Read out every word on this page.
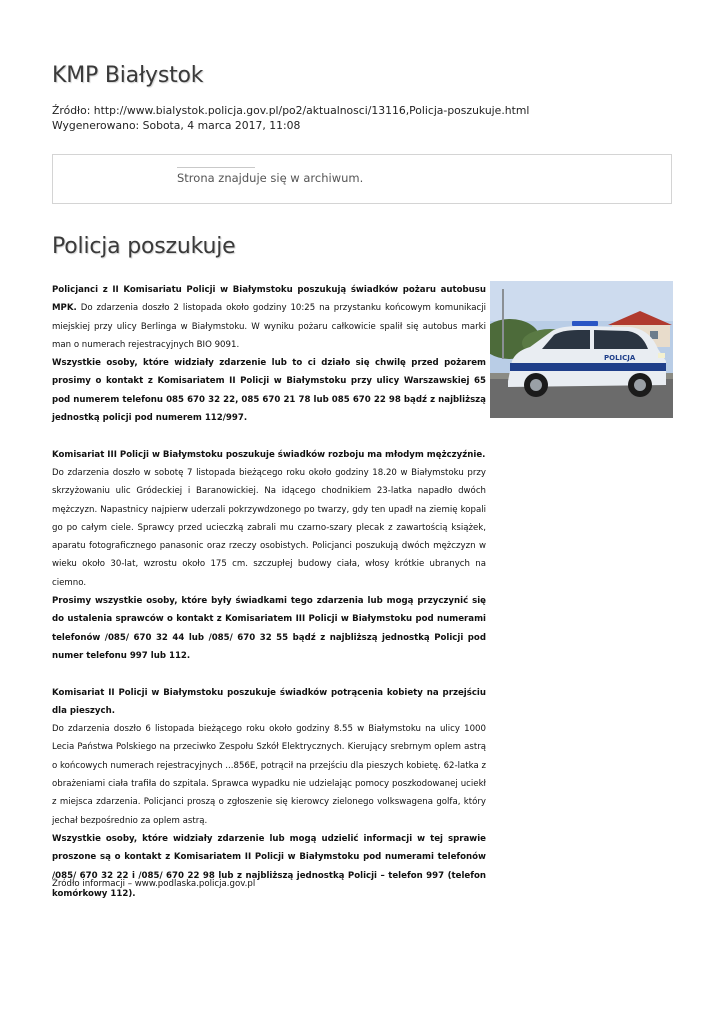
KMP Białystok
Źródło: http://www.bialystok.policja.gov.pl/po2/aktualnosci/13116,Policja-poszukuje.html
Wygenerowano: Sobota, 4 marca 2017, 11:08
Strona znajduje się w archiwum.
Policja poszukuje
POLICJA

Policjanci z II Komisariatu Policji w Białymstoku poszukują świadków pożaru autobusu MPK. Do zdarzenia doszło 2 listopada około godziny 10:25 na przystanku końcowym komunikacji miejskiej przy ulicy Berlinga w Białymstoku. W wyniku pożaru całkowicie spalił się autobus marki man o numerach rejestracyjnych BIO 9091.

Wszystkie osoby, które widziały zdarzenie lub to ci działo się chwilę przed pożarem prosimy o kontakt z Komisariatem II Policji w Białymstoku przy ulicy Warszawskiej 65 pod numerem telefonu 085 670 32 22, 085 670 21 78 lub 085 670 22 98 bądź z najbliższą jednostką policji pod numerem 112/997.

Komisariat III Policji w Białymstoku poszukuje świadków rozboju ma młodym mężczyźnie.

Do zdarzenia doszło w sobotę 7 listopada bieżącego roku około godziny 18.20 w Białymstoku przy skrzyżowaniu ulic Gródeckiej i Baranowickiej. Na idącego chodnikiem 23-latka napadło dwóch mężczyzn. Napastnicy najpierw uderzali pokrzywdzonego po twarzy, gdy ten upadł na ziemię kopali go po całym ciele. Sprawcy przed ucieczką zabrali mu czarno-szary plecak z zawartością książek, aparatu fotograficznego panasonic oraz rzeczy osobistych. Policjanci poszukują dwóch mężczyzn w wieku około 30-lat, wzrostu około 175 cm. szczupłej budowy ciała, włosy krótkie ubranych na ciemno.

Prosimy wszystkie osoby, które były świadkami tego zdarzenia lub mogą przyczynić się do ustalenia sprawców o kontakt z Komisariatem III Policji w Białymstoku pod numerami telefonów /085/ 670 32 44 lub /085/ 670 32 55 bądź z najbliższą jednostką Policji pod numer telefonu 997 lub 112.

Komisariat II Policji w Białymstoku poszukuje świadków potrącenia kobiety na przejściu dla pieszych.

Do zdarzenia doszło 6 listopada bieżącego roku około godziny 8.55 w Białymstoku na ulicy 1000 Lecia Państwa Polskiego na przeciwko Zespołu Szkół Elektrycznych. Kierujący srebrnym oplem astrą o końcowych numerach rejestracyjnych ...856E, potrącił na przejściu dla pieszych kobietę. 62-latka z obrażeniami ciała trafiła do szpitala. Sprawca wypadku nie udzielając pomocy poszkodowanej uciekł z miejsca zdarzenia. Policjanci proszą o zgłoszenie się kierowcy zielonego volkswagena golfa, który jechał bezpośrednio za oplem astrą.

Wszystkie osoby, które widziały zdarzenie lub mogą udzielić informacji w tej sprawie proszone są o kontakt z Komisariatem II Policji w Białymstoku pod numerami telefonów /085/ 670 32 22 i /085/ 670 22 98 lub z najbliższą jednostką Policji – telefon 997 (telefon komórkowy 112).

Źródło informacji – www.podlaska.policja.gov.pl
